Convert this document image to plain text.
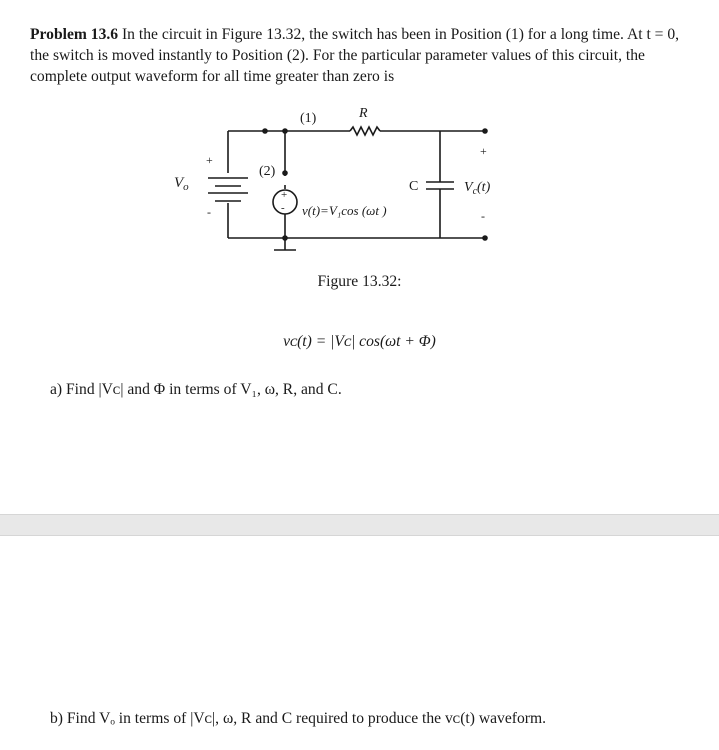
Problem 13.6 In the circuit in Figure 13.32, the switch has been in Position (1) for a long time. At t = 0, the switch is moved instantly to Position (2). For the particular parameter values of this circuit, the complete output waveform for all time greater than zero is
(1)	R
(2)
+
-
$V_o$
+
- v(t)=V₁cos (ωt )
C
+
-
$V_c(t)$
Figure 13.32:
vᴄ(t) = |Vᴄ| cos(ωt + Φ)
a) Find |Vᴄ| and Φ in terms of V₁, ω, R, and C.
b) Find Vₒ in terms of |Vᴄ|, ω, R and C required to produce the vᴄ(t) waveform.
